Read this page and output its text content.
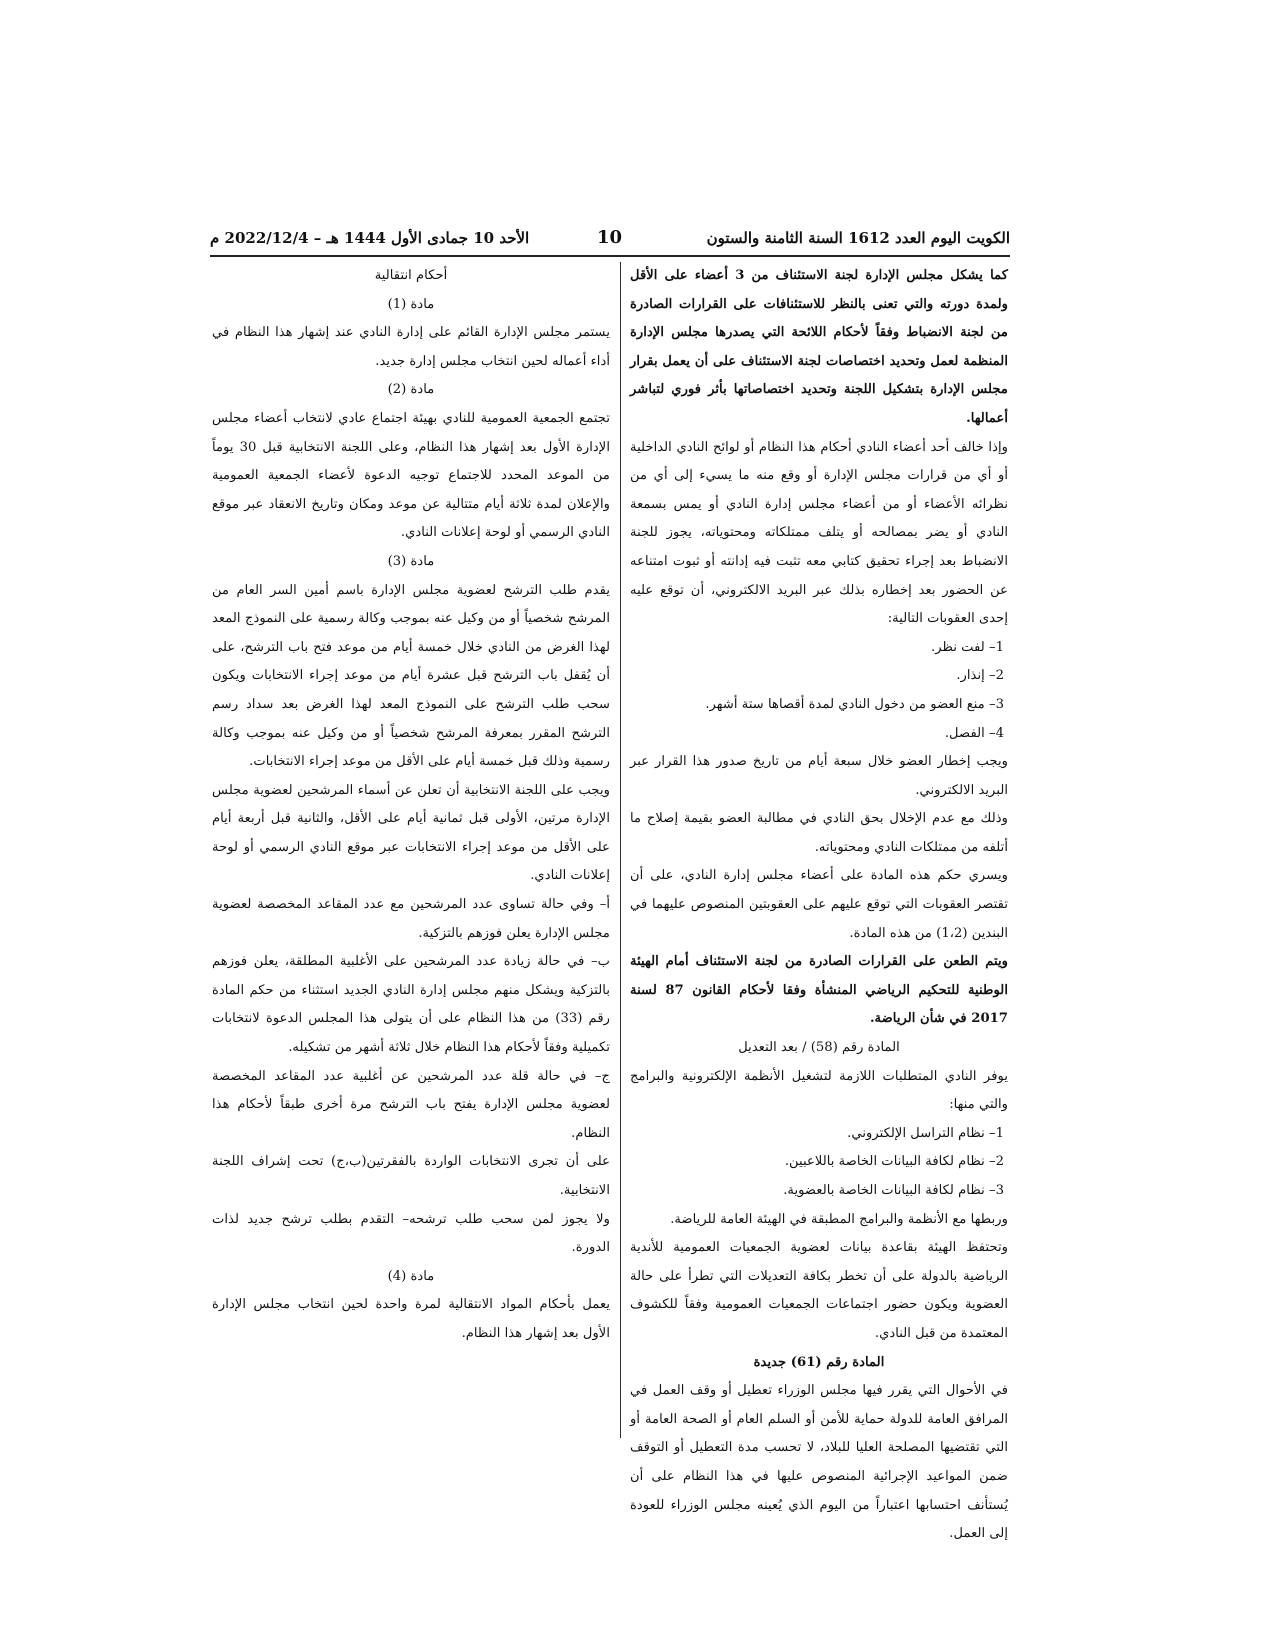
الكويت اليوم العدد 1612 السنة الثامنة والستون
10
الأحد 10 جمادى الأول 1444 هـ – 2022/12/4 م

كما يشكل مجلس الإدارة لجنة الاستئناف من 3 أعضاء على الأقل ولمدة دورته والتي تعنى بالنظر للاستئنافات على القرارات الصادرة من لجنة الانضباط وفقاً لأحكام اللائحة التي يصدرها مجلس الإدارة المنظمة لعمل وتحديد اختصاصات لجنة الاستئناف على أن يعمل بقرار مجلس الإدارة بتشكيل اللجنة وتحديد اختصاصاتها بأثر فوري لتباشر أعمالها.

وإذا خالف أحد أعضاء النادي أحكام هذا النظام أو لوائح النادي الداخلية أو أي من قرارات مجلس الإدارة أو وقع منه ما يسيء إلى أي من نظرائه الأعضاء أو من أعضاء مجلس إدارة النادي أو يمس بسمعة النادي أو يضر بمصالحه أو يتلف ممتلكاته ومحتوياته، يجوز للجنة الانضباط بعد إجراء تحقيق كتابي معه تثبت فيه إدانته أو ثبوت امتناعه عن الحضور بعد إخطاره بذلك عبر البريد الالكتروني، أن توقع عليه إحدى العقوبات التالية:

1– لفت نظر.

2– إنذار.

3– منع العضو من دخول النادي لمدة أقصاها ستة أشهر.

4– الفصل.

ويجب إخطار العضو خلال سبعة أيام من تاريخ صدور هذا القرار عبر البريد الالكتروني.

وذلك مع عدم الإخلال بحق النادي في مطالبة العضو بقيمة إصلاح ما أتلفه من ممتلكات النادي ومحتوياته.

ويسري حكم هذه المادة على أعضاء مجلس إدارة النادي، على أن تقتصر العقوبات التي توقع عليهم على العقوبتين المنصوص عليهما في البندين (1،2) من هذه المادة.

ويتم الطعن على القرارات الصادرة من لجنة الاستئناف أمام الهيئة الوطنية للتحكيم الرياضي المنشأة وفقا لأحكام القانون 87 لسنة 2017 في شأن الرياضة.

المادة رقم (58) / بعد التعديل

يوفر النادي المتطلبات اللازمة لتشغيل الأنظمة الإلكترونية والبرامج والتي منها:

1– نظام التراسل الإلكتروني.

2– نظام لكافة البيانات الخاصة باللاعبين.

3– نظام لكافة البيانات الخاصة بالعضوية.

وربطها مع الأنظمة والبرامج المطبقة في الهيئة العامة للرياضة.

وتحتفظ الهيئة بقاعدة بيانات لعضوية الجمعيات العمومية للأندية الرياضية بالدولة على أن تخطر بكافة التعديلات التي تطرأ على حالة العضوية ويكون حضور اجتماعات الجمعيات العمومية وفقاً للكشوف المعتمدة من قبل النادي.

المادة رقم (61) جديدة

في الأحوال التي يقرر فيها مجلس الوزراء تعطيل أو وقف العمل في المرافق العامة للدولة حماية للأمن أو السلم العام أو الصحة العامة أو التي تقتضيها المصلحة العليا للبلاد، لا تحسب مدة التعطيل أو التوقف ضمن المواعيد الإجرائية المنصوص عليها في هذا النظام على أن يُستأنف احتسابها اعتباراً من اليوم الذي يُعينه مجلس الوزراء للعودة إلى العمل.

أحكام انتقالية

مادة (1)

يستمر مجلس الإدارة القائم على إدارة النادي عند إشهار هذا النظام في أداء أعماله لحين انتخاب مجلس إدارة جديد.

مادة (2)

تجتمع الجمعية العمومية للنادي بهيئة اجتماع عادي لانتخاب أعضاء مجلس الإدارة الأول بعد إشهار هذا النظام، وعلى اللجنة الانتخابية قبل 30 يوماً من الموعد المحدد للاجتماع توجيه الدعوة لأعضاء الجمعية العمومية والإعلان لمدة ثلاثة أيام متتالية عن موعد ومكان وتاريخ الانعقاد عبر موقع النادي الرسمي أو لوحة إعلانات النادي.

مادة (3)

يقدم طلب الترشح لعضوية مجلس الإدارة باسم أمين السر العام من المرشح شخصياً أو من وكيل عنه بموجب وكالة رسمية على النموذج المعد لهذا الغرض من النادي خلال خمسة أيام من موعد فتح باب الترشح، على أن يُقفل باب الترشح قبل عشرة أيام من موعد إجراء الانتخابات ويكون سحب طلب الترشح على النموذج المعد لهذا الغرض بعد سداد رسم الترشح المقرر بمعرفة المرشح شخصياً أو من وكيل عنه بموجب وكالة رسمية وذلك قبل خمسة أيام على الأقل من موعد إجراء الانتخابات.

ويجب على اللجنة الانتخابية أن تعلن عن أسماء المرشحين لعضوية مجلس الإدارة مرتين، الأولى قبل ثمانية أيام على الأقل، والثانية قبل أربعة أيام على الأقل من موعد إجراء الانتخابات عبر موقع النادي الرسمي أو لوحة إعلانات النادي.

أ– وفي حالة تساوى عدد المرشحين مع عدد المقاعد المخصصة لعضوية مجلس الإدارة يعلن فوزهم بالتزكية.

ب– في حالة زيادة عدد المرشحين على الأغلبية المطلقة، يعلن فوزهم بالتزكية ويشكل منهم مجلس إدارة النادي الجديد استثناء من حكم المادة رقم (33) من هذا النظام على أن يتولى هذا المجلس الدعوة لانتخابات تكميلية وفقاً لأحكام هذا النظام خلال ثلاثة أشهر من تشكيله.

ج– في حالة قلة عدد المرشحين عن أغلبية عدد المقاعد المخصصة لعضوية مجلس الإدارة يفتح باب الترشح مرة أخرى طبقاً لأحكام هذا النظام.

على أن تجرى الانتخابات الواردة بالفقرتين(ب،ج) تحت إشراف اللجنة الانتخابية.

ولا يجوز لمن سحب طلب ترشحه– التقدم بطلب ترشح جديد لذات الدورة.

مادة (4)

يعمل بأحكام المواد الانتقالية لمرة واحدة لحين انتخاب مجلس الإدارة الأول بعد إشهار هذا النظام.
